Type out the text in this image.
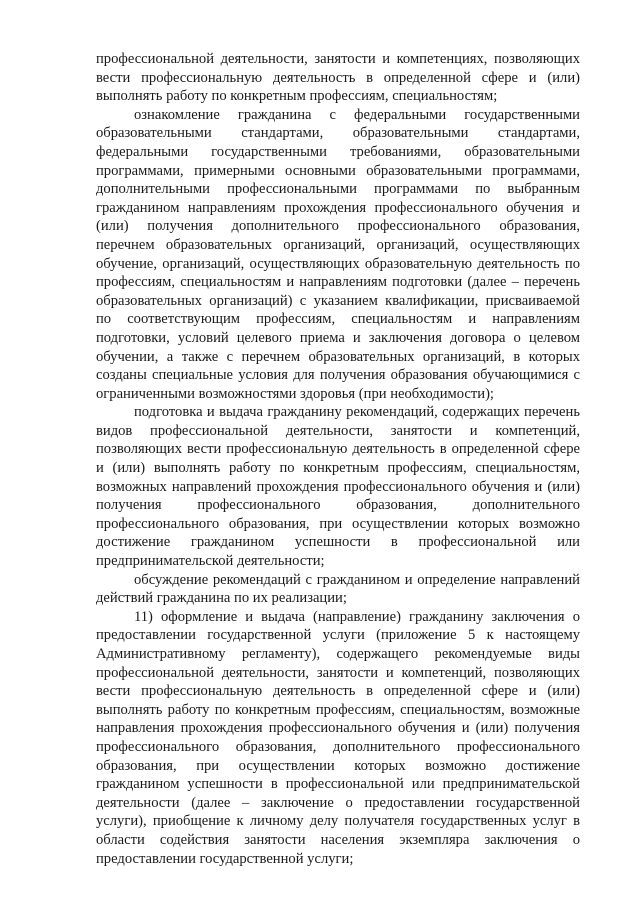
профессиональной деятельности, занятости и компетенциях, позволяющих вести профессиональную деятельность в определенной сфере и (или) выполнять работу по конкретным профессиям, специальностям;

ознакомление гражданина с федеральными государственными образовательными стандартами, образовательными стандартами, федеральными государственными требованиями, образовательными программами, примерными основными образовательными программами, дополнительными профессиональными программами по выбранным гражданином направлениям прохождения профессионального обучения и (или) получения дополнительного профессионального образования, перечнем образовательных организаций, организаций, осуществляющих обучение, организаций, осуществляющих образовательную деятельность по профессиям, специальностям и направлениям подготовки (далее – перечень образовательных организаций) с указанием квалификации, присваиваемой по соответствующим профессиям, специальностям и направлениям подготовки, условий целевого приема и заключения договора о целевом обучении, а также с перечнем образовательных организаций, в которых созданы специальные условия для получения образования обучающимися с ограниченными возможностями здоровья (при необходимости);

подготовка и выдача гражданину рекомендаций, содержащих перечень видов профессиональной деятельности, занятости и компетенций, позволяющих вести профессиональную деятельность в определенной сфере и (или) выполнять работу по конкретным профессиям, специальностям, возможных направлений прохождения профессионального обучения и (или) получения профессионального образования, дополнительного профессионального образования, при осуществлении которых возможно достижение гражданином успешности в профессиональной или предпринимательской деятельности;

обсуждение рекомендаций с гражданином и определение направлений действий гражданина по их реализации;

11) оформление и выдача (направление) гражданину заключения о предоставлении государственной услуги (приложение 5 к настоящему Административному регламенту), содержащего рекомендуемые виды профессиональной деятельности, занятости и компетенций, позволяющих вести профессиональную деятельность в определенной сфере и (или) выполнять работу по конкретным профессиям, специальностям, возможные направления прохождения профессионального обучения и (или) получения профессионального образования, дополнительного профессионального образования, при осуществлении которых возможно достижение гражданином успешности в профессиональной или предпринимательской деятельности (далее – заключение о предоставлении государственной услуги), приобщение к личному делу получателя государственных услуг в области содействия занятости населения экземпляра заключения о предоставлении государственной услуги;
